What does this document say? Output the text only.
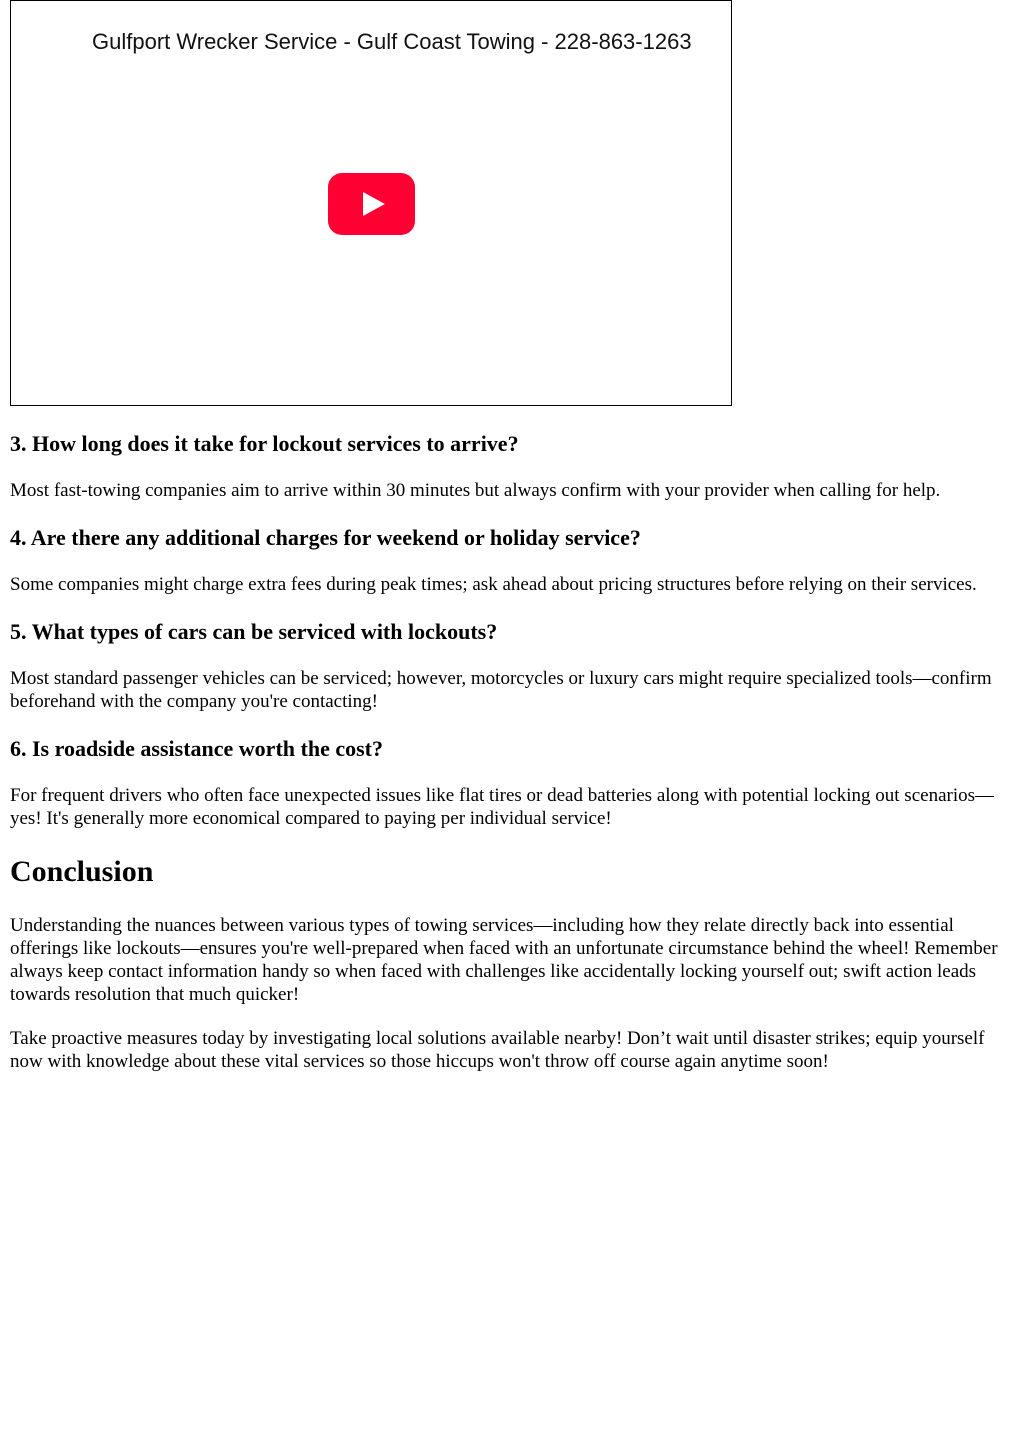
Gulfport Wrecker Service - Gulf Coast Towing - 228-863-1263
3. How long does it take for lockout services to arrive?

Most fast-towing companies aim to arrive within 30 minutes but always confirm with your provider when calling for help.

4. Are there any additional charges for weekend or holiday service?

Some companies might charge extra fees during peak times; ask ahead about pricing structures before relying on their services.

5. What types of cars can be serviced with lockouts?

Most standard passenger vehicles can be serviced; however, motorcycles or luxury cars might require specialized tools—confirm beforehand with the company you're contacting!

6. Is roadside assistance worth the cost?

For frequent drivers who often face unexpected issues like flat tires or dead batteries along with potential locking out scenarios—yes! It's generally more economical compared to paying per individual service!

Conclusion

Understanding the nuances between various types of towing services—including how they relate directly back into essential offerings like lockouts—ensures you're well-prepared when faced with an unfortunate circumstance behind the wheel! Remember always keep contact information handy so when faced with challenges like accidentally locking yourself out; swift action leads towards resolution that much quicker!

Take proactive measures today by investigating local solutions available nearby! Don’t wait until disaster strikes; equip yourself now with knowledge about these vital services so those hiccups won't throw off course again anytime soon!
